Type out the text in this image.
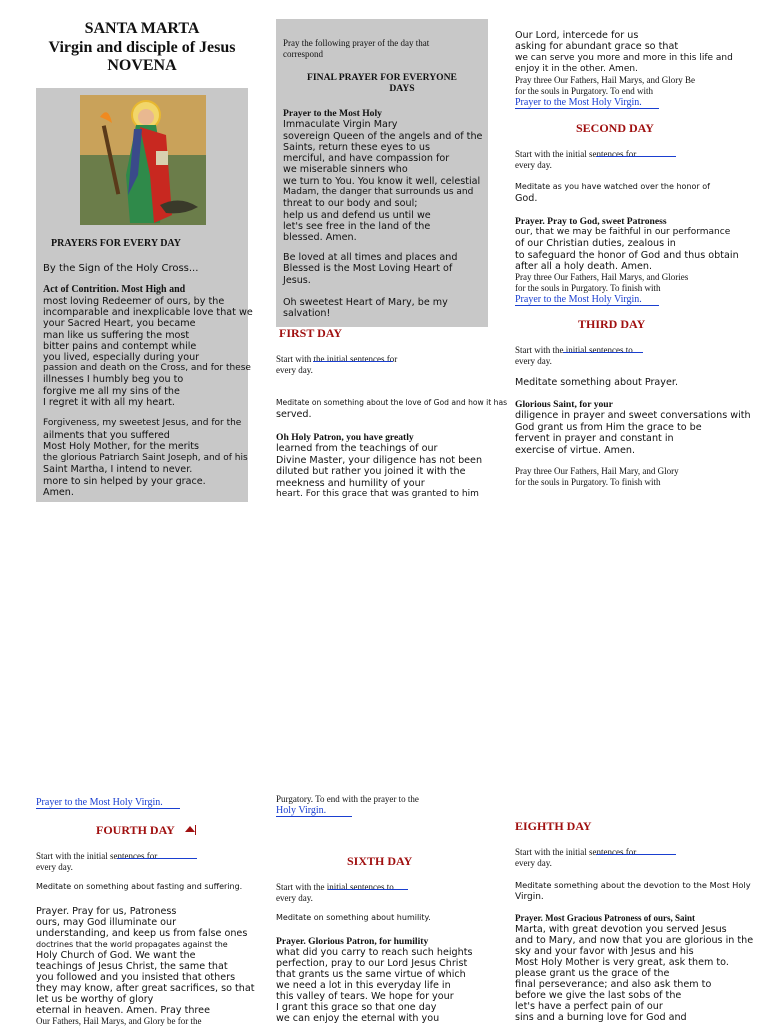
SANTA MARTA
Virgin and disciple of Jesus
NOVENA
PRAYERS FOR EVERY DAY
By the Sign of the Holy Cross...
Act of Contrition. Most High and
most loving Redeemer of ours, by the
incomparable and inexplicable love that we
your Sacred Heart, you became
man like us suffering the most
bitter pains and contempt while
you lived, especially during your
passion and death on the Cross, and for these
illnesses I humbly beg you to
forgive me all my sins of the
I regret it with all my heart.
Forgiveness, my sweetest Jesus, and for the
ailments that you suffered
Most Holy Mother, for the merits
the glorious Patriarch Saint Joseph, and of his
Saint Martha, I intend to never.
more to sin helped by your grace.
Amen.
Pray the following prayer of the day that
correspond
FINAL PRAYER FOR EVERYONE
DAYS
Prayer to the Most Holy
Immaculate Virgin Mary
sovereign Queen of the angels and of the
Saints, return these eyes to us
merciful, and have compassion for
we miserable sinners who
we turn to You. You know it well, celestial
Madam, the danger that surrounds us and
threat to our body and soul;
help us and defend us until we
let's see free in the land of the
blessed. Amen.
Be loved at all times and places and
Blessed is the Most Loving Heart of
Jesus.
Oh sweetest Heart of Mary, be my
salvation!
FIRST DAY
Start with the initial sentences for
every day.
Meditate on something about the love of God and how it has
served.
Oh Holy Patron, you have greatly
learned from the teachings of our
Divine Master, your diligence has not been
diluted but rather you joined it with the
meekness and humility of your
heart. For this grace that was granted to him
Our Lord, intercede for us
asking for abundant grace so that
we can serve you more and more in this life and
enjoy it in the other. Amen.
Pray three Our Fathers, Hail Marys, and Glory Be
for the souls in Purgatory. To end with
Prayer to the Most Holy Virgin.
SECOND DAY
Start with the initial sentences for
every day.
Meditate as you have watched over the honor of
God.
Prayer. Pray to God, sweet Patroness
our, that we may be faithful in our performance
of our Christian duties, zealous in
to safeguard the honor of God and thus obtain
after all a holy death. Amen.
Pray three Our Fathers, Hail Marys, and Glories
for the souls in Purgatory. To finish with
Prayer to the Most Holy Virgin.
THIRD DAY
Start with the initial sentences to
every day.
Meditate something about Prayer.
Glorious Saint, for your
diligence in prayer and sweet conversations with
God grant us from Him the grace to be
fervent in prayer and constant in
exercise of virtue. Amen.
Pray three Our Fathers, Hail Mary, and Glory
for the souls in Purgatory. To finish with
Prayer to the Most Holy Virgin.
FOURTH DAY
Start with the initial sentences for
every day.
Meditate on something about fasting and suffering.
Prayer. Pray for us, Patroness
ours, may God illuminate our
understanding, and keep us from false ones
doctrines that the world propagates against the
Holy Church of God. We want the
teachings of Jesus Christ, the same that
you followed and you insisted that others
they may know, after great sacrifices, so that
let us be worthy of glory
eternal in heaven. Amen. Pray three
Our Fathers, Hail Marys, and Glory be for the
Purgatory. To end with the prayer to the
Holy Virgin.
SIXTH DAY
Start with the initial sentences to
every day.
Meditate on something about humility.
Prayer. Glorious Patron, for humility
what did you carry to reach such heights
perfection, pray to our Lord Jesus Christ
that grants us the same virtue of which
we need a lot in this everyday life in
this valley of tears. We hope for your
I grant this grace so that one day
we can enjoy the eternal with you
EIGHTH DAY
Start with the initial sentences for
every day.
Meditate something about the devotion to the Most Holy
Virgin.
Prayer. Most Gracious Patroness of ours, Saint
Marta, with great devotion you served Jesus
and to Mary, and now that you are glorious in the
sky and your favor with Jesus and his
Most Holy Mother is very great, ask them to.
please grant us the grace of the
final perseverance; and also ask them to
before we give the last sobs of the
let's have a perfect pain of our
sins and a burning love for God and
